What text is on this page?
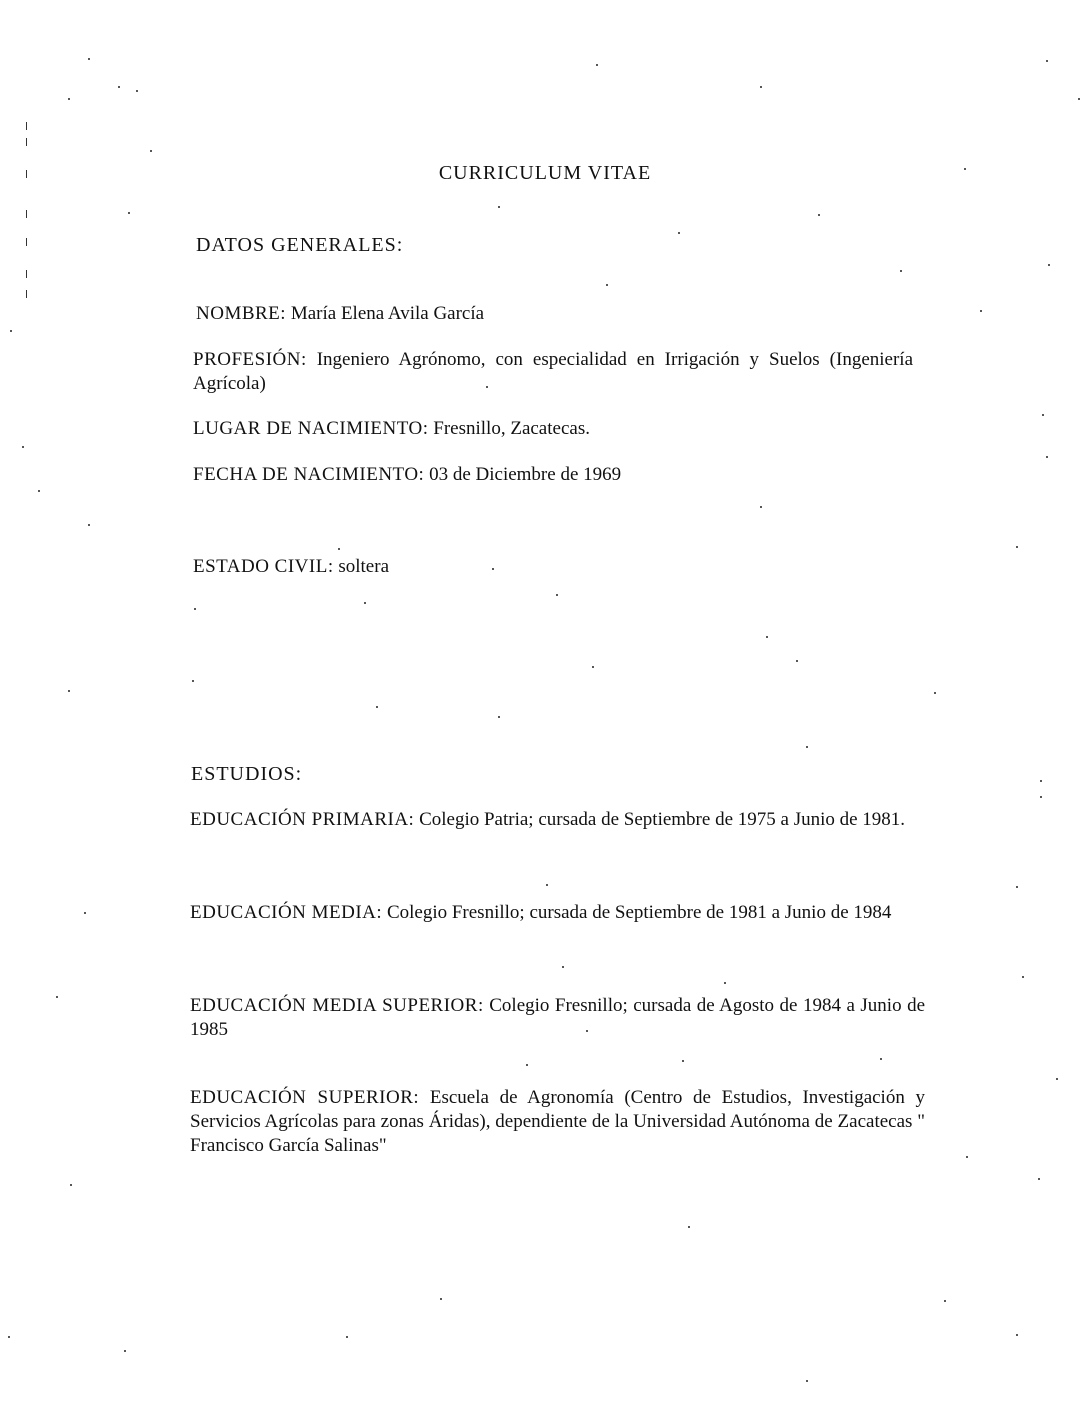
CURRICULUM VITAE
DATOS GENERALES:
NOMBRE: María Elena Avila García
PROFESIÓN: Ingeniero Agrónomo, con especialidad en Irrigación y Suelos (Ingeniería Agrícola)
LUGAR DE NACIMIENTO: Fresnillo, Zacatecas.
FECHA DE NACIMIENTO: 03 de Diciembre de 1969
ESTADO CIVIL: soltera
ESTUDIOS:
EDUCACIÓN PRIMARIA: Colegio Patria; cursada de Septiembre de 1975 a Junio de 1981.
EDUCACIÓN MEDIA: Colegio Fresnillo; cursada de Septiembre de 1981 a Junio de 1984
EDUCACIÓN MEDIA SUPERIOR: Colegio Fresnillo; cursada de Agosto de 1984 a Junio de 1985
EDUCACIÓN SUPERIOR: Escuela de Agronomía (Centro de Estudios, Investigación y Servicios Agrícolas para zonas Áridas), dependiente de la Universidad Autónoma de Zacatecas " Francisco García Salinas"
